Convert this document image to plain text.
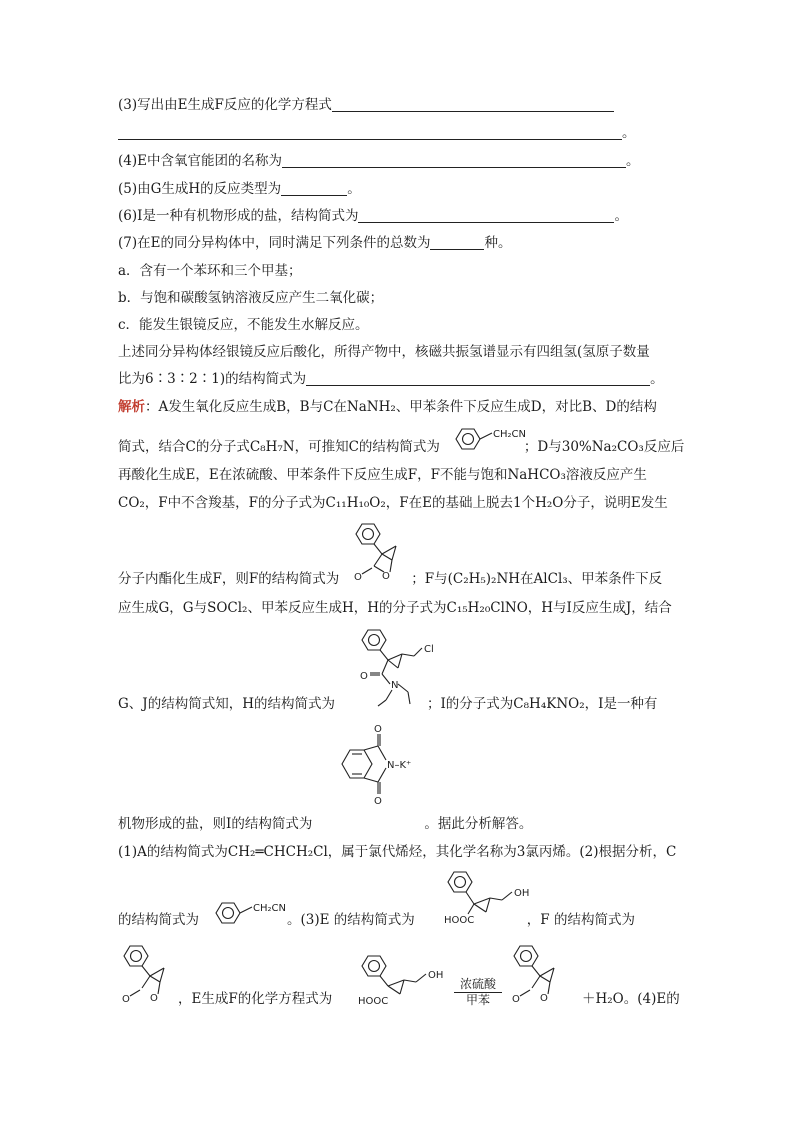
(3)写出由E生成F反应的化学方程式
。
(4)E中含氧官能团的名称为	。
(5)由G生成H的反应类型为	。
(6)I是一种有机物形成的盐，结构简式为	。
(7)在E的同分异构体中，同时满足下列条件的总数为	种。
a．含有一个苯环和三个甲基；
b．与饱和碳酸氢钠溶液反应产生二氧化碳；
c．能发生银镜反应，不能发生水解反应。
上述同分异构体经银镜反应后酸化，所得产物中，核磁共振氢谱显示有四组氢(氢原子数量
比为6∶3∶2∶1)的结构简式为	。
解析：A发生氧化反应生成B，B与C在NaNH₂、甲苯条件下反应生成D，对比B、D的结构
简式，结合C的分子式C₈H₇N，可推知C的结构简式为	；D与30%Na₂CO₃反应后
CH₂CN
再酸化生成E，E在浓硫酸、甲苯条件下反应生成F，F不能与饱和NaHCO₃溶液反应产生
CO₂，F中不含羧基，F的分子式为C₁₁H₁₀O₂，F在E的基础上脱去1个H₂O分子，说明E发生
O
O
分子内酯化生成F，则F的结构简式为	；F与(C₂H₅)₂NH在AlCl₃、甲苯条件下反
应生成G，G与SOCl₂、甲苯反应生成H，H的分子式为C₁₅H₂₀ClNO，H与I反应生成J，结合
Cl
O
N
G、J的结构简式知，H的结构简式为	；I的分子式为C₈H₄KNO₂，I是一种有
O
O
N–K⁺
机物形成的盐，则I的结构简式为	。据此分析解答。
(1)A的结构简式为CH₂═CHCH₂Cl，属于氯代烯烃，其化学名称为3氯丙烯。(2)根据分析，C
CH₂CN
OH
HOOC
的结构简式为	。(3)E 的结构简式为	，F 的结构简式为
O
O
OH
HOOC
浓硫酸
甲苯	O
O
，E生成F的化学方程式为	＋H₂O。(4)E的
